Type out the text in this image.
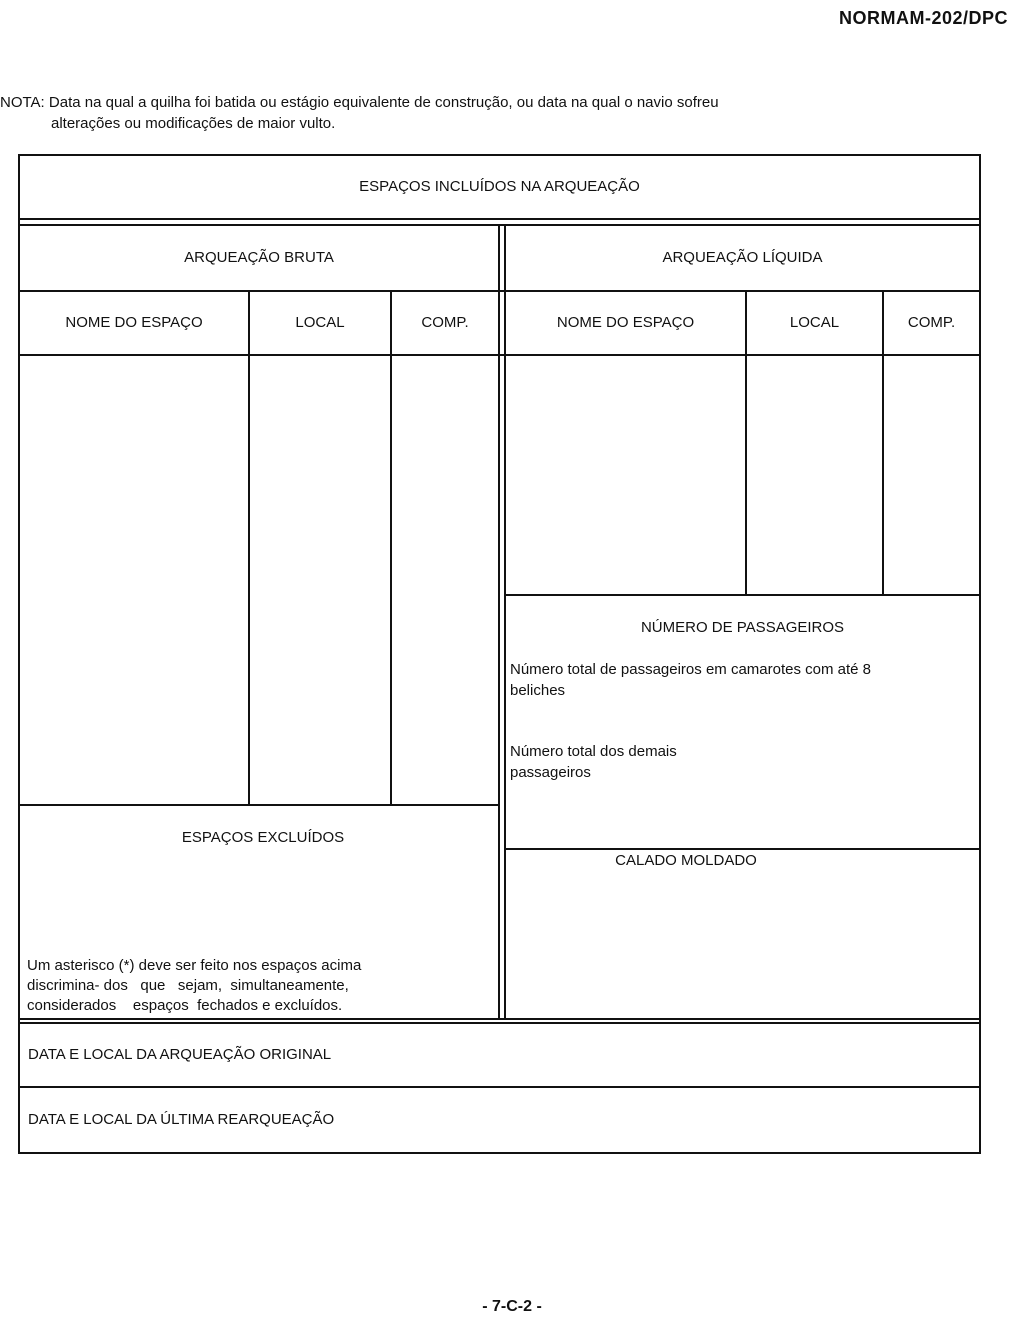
NORMAM-202/DPC
NOTA: Data na qual a quilha foi batida ou estágio equivalente de construção, ou data na qual o navio sofreu
alterações ou modificações de maior vulto.
ESPAÇOS INCLUÍDOS NA ARQUEAÇÃO
ARQUEAÇÃO BRUTA
NOME DO ESPAÇO	LOCAL	COMP.
ARQUEAÇÃO LÍQUIDA
NOME DO ESPAÇO	LOCAL	COMP.
NÚMERO DE PASSAGEIROS
Número total de passageiros em camarotes com até 8
beliches
Número total dos demais
passageiros
ESPAÇOS EXCLUÍDOS
Um asterisco (*) deve ser feito nos espaços acima
discrimina- dos   que   sejam,  simultaneamente,
considerados    espaços  fechados e excluídos.
CALADO MOLDADO
DATA E LOCAL DA ARQUEAÇÃO ORIGINAL
DATA E LOCAL DA ÚLTIMA REARQUEAÇÃO
- 7-C-2 -
